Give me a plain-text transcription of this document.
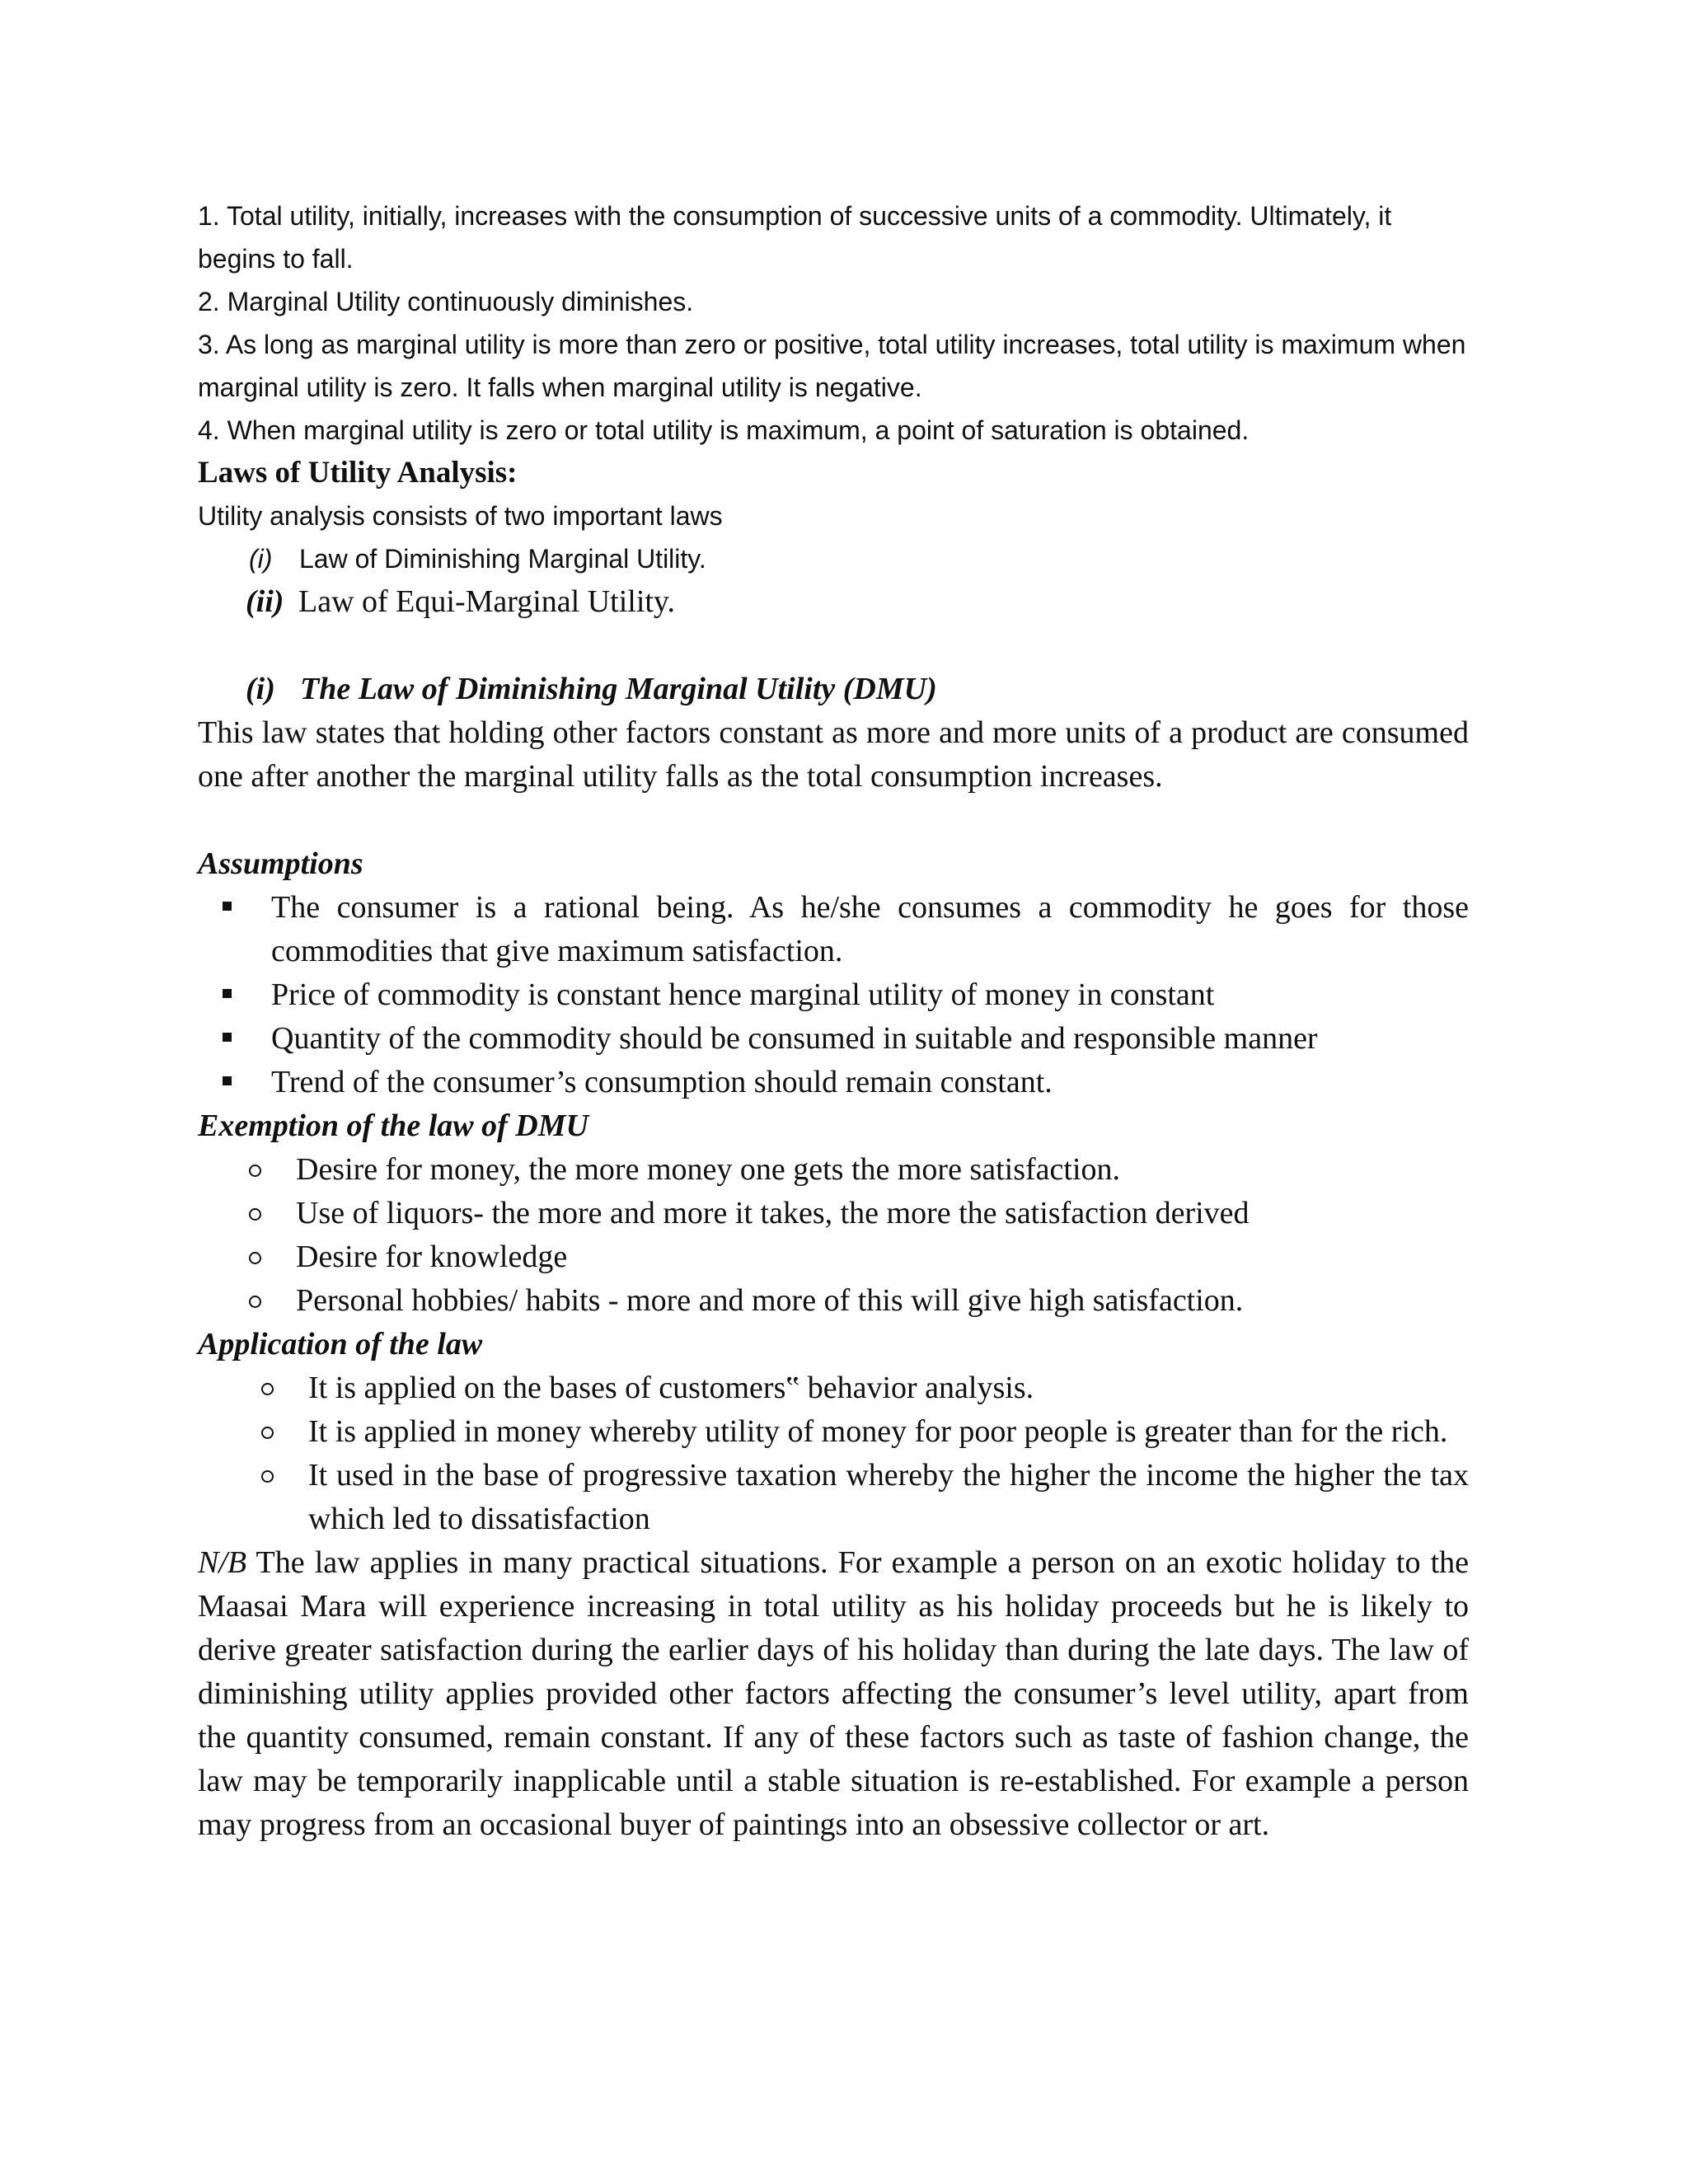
1. Total utility, initially, increases with the consumption of successive units of a commodity. Ultimately, it begins to fall.

2. Marginal Utility continuously diminishes.

3. As long as marginal utility is more than zero or positive, total utility increases, total utility is maximum when marginal utility is zero. It falls when marginal utility is negative.

4. When marginal utility is zero or total utility is maximum, a point of saturation is obtained.

Laws of Utility Analysis:

Utility analysis consists of two important laws

(i)	Law of Diminishing Marginal Utility.
(ii) Law of Equi-Marginal Utility.
(i) The Law of Diminishing Marginal Utility (DMU)

This law states that holding other factors constant as more and more units of a product are consumed one after another the marginal utility falls as the total consumption increases.

Assumptions

The consumer is a rational being. As he/she consumes a commodity he goes for those commodities that give maximum satisfaction.
Price of commodity is constant hence marginal utility of money in constant
Quantity of the commodity should be consumed in suitable and responsible manner
Trend of the consumer’s consumption should remain constant.

Exemption of the law of DMU

Desire for money, the more money one gets the more satisfaction.
Use of liquors- the more and more it takes, the more the satisfaction derived
Desire for knowledge
Personal hobbies/ habits - more and more of this will give high satisfaction.

Application of the law

It is applied on the bases of customers‟ behavior analysis.
It is applied in money whereby utility of money for poor people is greater than for the rich.
It used in the base of progressive taxation whereby the higher the income the higher the tax which led to dissatisfaction

N/B The law applies in many practical situations. For example a person on an exotic holiday to the Maasai Mara will experience increasing in total utility as his holiday proceeds but he is likely to derive greater satisfaction during the earlier days of his holiday than during the late days. The law of diminishing utility applies provided other factors affecting the consumer’s level utility, apart from the quantity consumed, remain constant. If any of these factors such as taste of fashion change, the law may be temporarily inapplicable until a stable situation is re-established. For example a person may progress from an occasional buyer of paintings into an obsessive collector or art.
